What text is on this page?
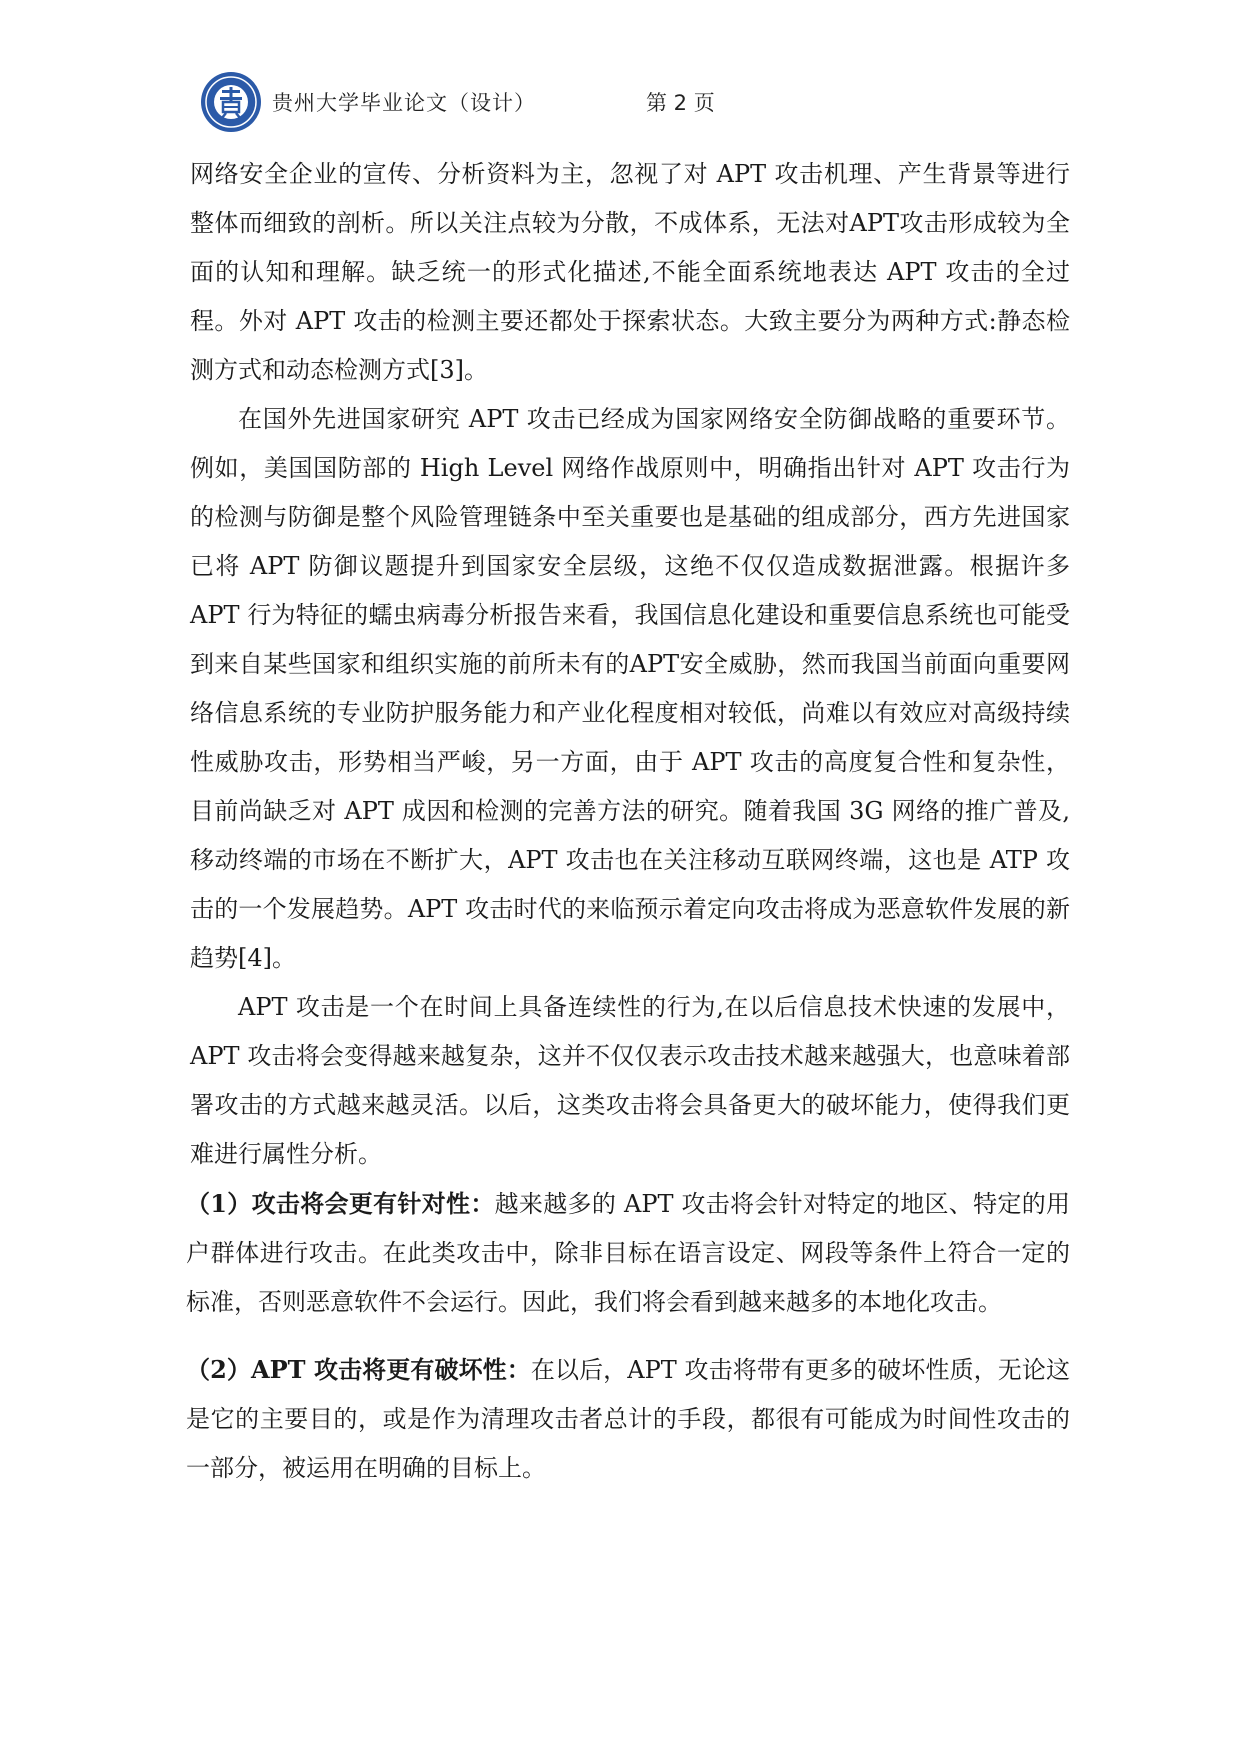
贵州大学毕业论文（设计）	第 2 页

网络安全企业的宣传、分析资料为主，忽视了对 APT 攻击机理、产生背景等进行整体而细致的剖析。所以关注点较为分散，不成体系，无法对APT攻击形成较为全面的认知和理解。缺乏统一的形式化描述,不能全面系统地表达 APT 攻击的全过程。外对 APT 攻击的检测主要还都处于探索状态。大致主要分为两种方式:静态检测方式和动态检测方式[3]。

在国外先进国家研究 APT 攻击已经成为国家网络安全防御战略的重要环节。例如，美国国防部的 High Level 网络作战原则中，明确指出针对 APT 攻击行为的检测与防御是整个风险管理链条中至关重要也是基础的组成部分，西方先进国家已将 APT 防御议题提升到国家安全层级，这绝不仅仅造成数据泄露。根据许多APT 行为特征的蠕虫病毒分析报告来看，我国信息化建设和重要信息系统也可能受到来自某些国家和组织实施的前所未有的APT安全威胁，然而我国当前面向重要网络信息系统的专业防护服务能力和产业化程度相对较低，尚难以有效应对高级持续性威胁攻击，形势相当严峻，另一方面，由于 APT 攻击的高度复合性和复杂性，目前尚缺乏对 APT 成因和检测的完善方法的研究。随着我国 3G 网络的推广普及,移动终端的市场在不断扩大，APT 攻击也在关注移动互联网终端，这也是 ATP 攻击的一个发展趋势。APT 攻击时代的来临预示着定向攻击将成为恶意软件发展的新趋势[4]。

APT 攻击是一个在时间上具备连续性的行为,在以后信息技术快速的发展中，APT 攻击将会变得越来越复杂，这并不仅仅表示攻击技术越来越强大，也意味着部署攻击的方式越来越灵活。以后，这类攻击将会具备更大的破坏能力，使得我们更难进行属性分析。

（1）攻击将会更有针对性：越来越多的 APT 攻击将会针对特定的地区、特定的用户群体进行攻击。在此类攻击中，除非目标在语言设定、网段等条件上符合一定的标准，否则恶意软件不会运行。因此，我们将会看到越来越多的本地化攻击。

（2）APT 攻击将更有破坏性：在以后，APT 攻击将带有更多的破坏性质，无论这是它的主要目的，或是作为清理攻击者总计的手段，都很有可能成为时间性攻击的一部分，被运用在明确的目标上。
